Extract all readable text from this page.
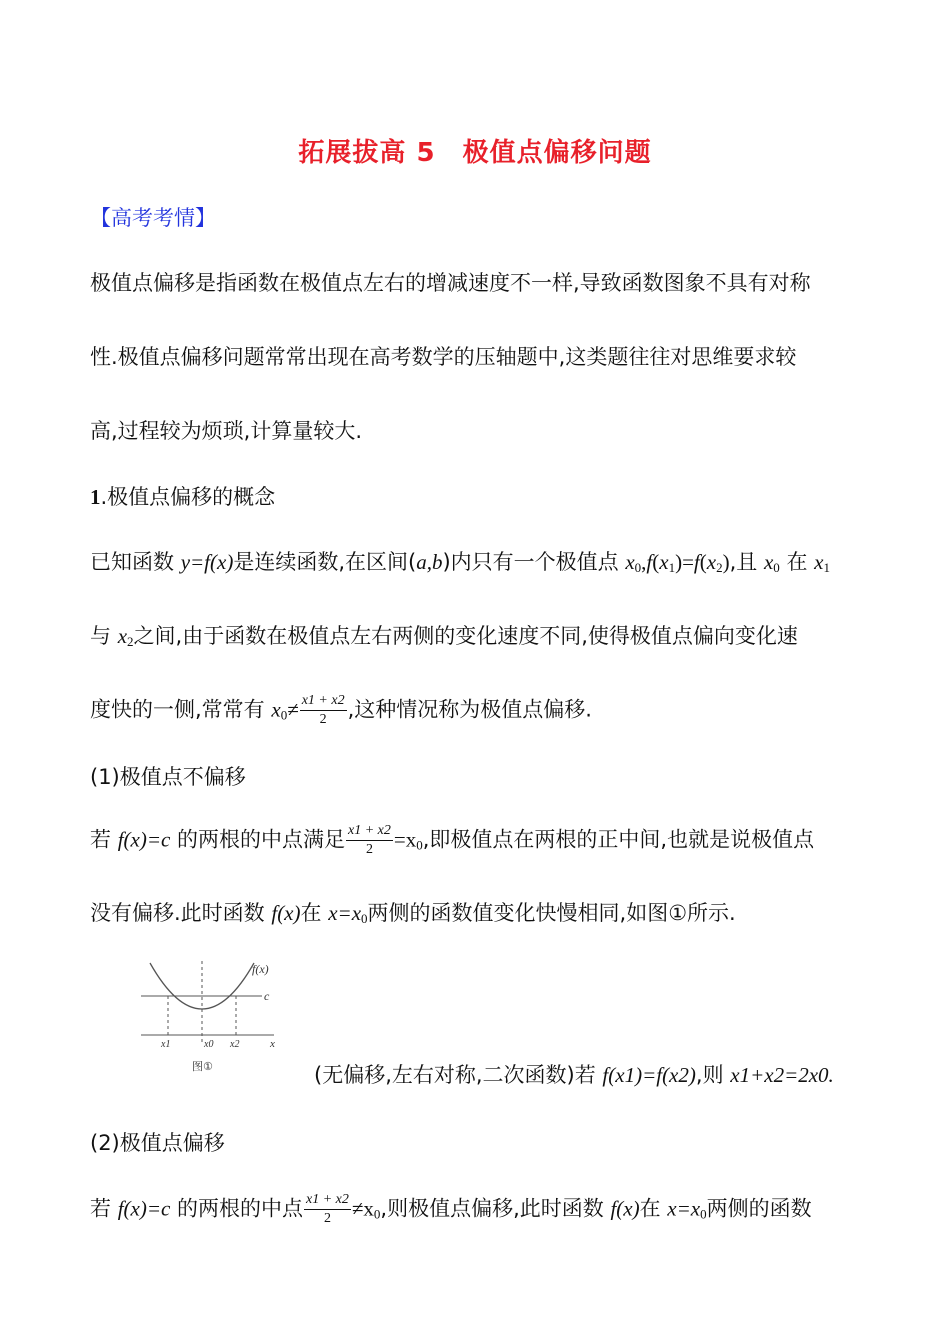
拓展拔高 5　极值点偏移问题
【高考考情】
极值点偏移是指函数在极值点左右的增减速度不一样,导致函数图象不具有对称
性.极值点偏移问题常常出现在高考数学的压轴题中,这类题往往对思维要求较
高,过程较为烦琐,计算量较大.
1.极值点偏移的概念
已知函数 y=f(x)是连续函数,在区间(a,b)内只有一个极值点 $x_0,f(x_1)=f(x_2)$,且 $x_0$ 在 $x_1$
与 $x_2$之间,由于函数在极值点左右两侧的变化速度不同,使得极值点偏向变化速
度快的一侧,常常有 $x_0\ne \frac{x1 + x2}{2}$ ,这种情况称为极值点偏移.
(1)极值点不偏移
若 f(x)=c 的两根的中点满足 $\frac{x1 + x2}{2} =x_0$,即极值点在两根的正中间,也就是说极值点
没有偏移.此时函数 f(x)在 $x=x_0$两侧的函数值变化快慢相同,如图①所示.
f(x)
c
x
x1	x0 x2
图①	(无偏移,左右对称,二次函数)若 f(x1)=f(x2),则 x1+x2=2x0.
(2)极值点偏移
若 f(x)=c 的两根的中点 $\frac{x1 + x2}{2} \ne x_0$,则极值点偏移,此时函数 f(x)在 $x=x_0$两侧的函数
